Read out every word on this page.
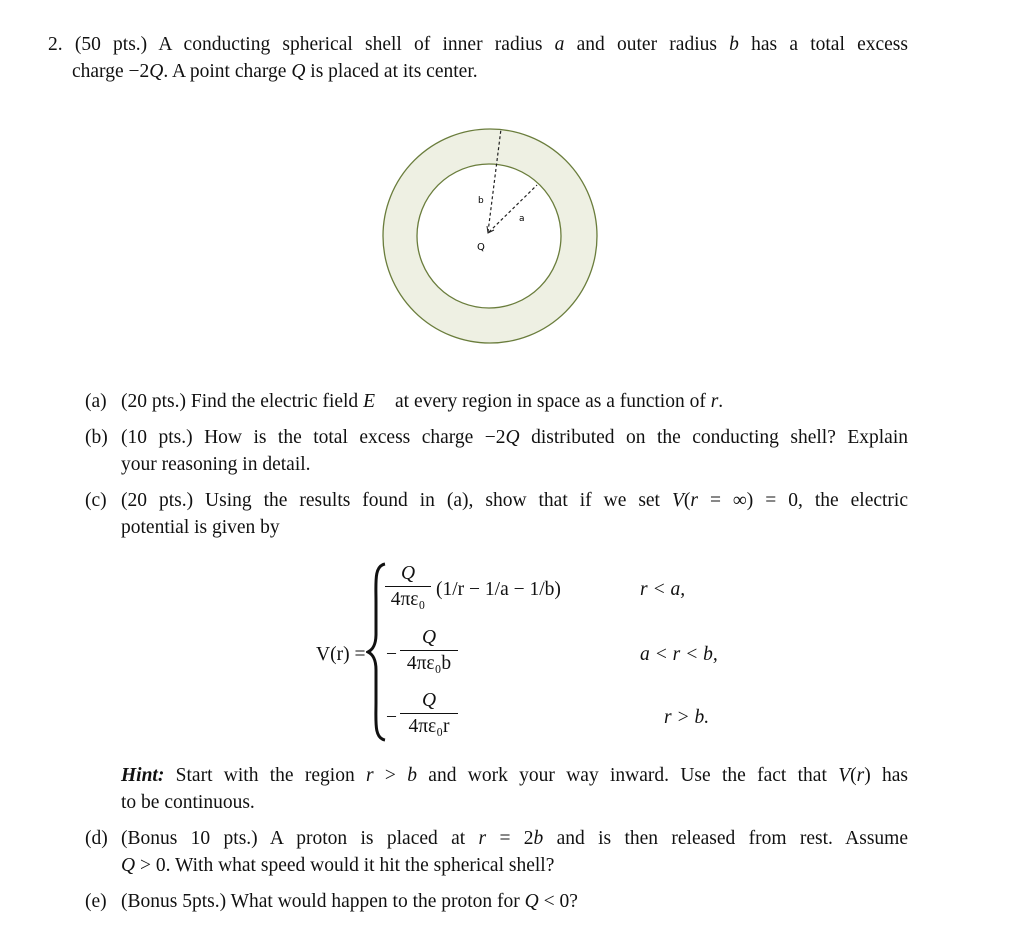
2. (50 pts.) A conducting spherical shell of inner radius a and outer radius b has a total excess
charge −2Q. A point charge Q is placed at its center.
b
a
Q
(a) (20 pts.) Find the electric field E⃗ at every region in space as a function of r.
(b) (10 pts.) How is the total excess charge −2Q distributed on the conducting shell? Explain
your reasoning in detail.
(c) (20 pts.) Using the results found in (a), show that if we set V(r = ∞) = 0, the electric
potential is given by
V(r) =
Q
4πε₀ (1/r − 1/a − 1/b)	r < a,
−
Q
4πε₀b	a < r < b,
−
Q
4πε₀r	r > b.
Hint: Start with the region r > b and work your way inward. Use the fact that V(r) has
to be continuous.
(d) (Bonus 10 pts.) A proton is placed at r = 2b and is then released from rest. Assume
Q > 0. With what speed would it hit the spherical shell?
(e) (Bonus 5pts.) What would happen to the proton for Q < 0?
